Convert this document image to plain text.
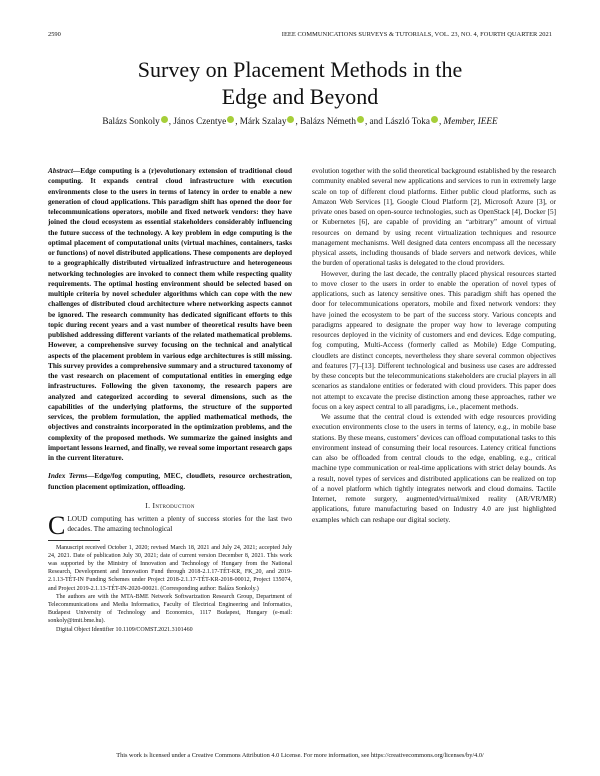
2590	IEEE COMMUNICATIONS SURVEYS & TUTORIALS, VOL. 23, NO. 4, FOURTH QUARTER 2021
Survey on Placement Methods in the
Edge and Beyond
Balázs Sonkoly , János Czentye , Márk Szalay , Balázs Németh , and László Toka , Member, IEEE
Abstract—Edge computing is a (r)evolutionary extension of traditional cloud computing. It expands central cloud infrastructure with execution environments close to the users in terms of latency in order to enable a new generation of cloud applications. This paradigm shift has opened the door for telecommunications operators, mobile and fixed network vendors: they have joined the cloud ecosystem as essential stakeholders considerably influencing the future success of the technology. A key problem in edge computing is the optimal placement of computational units (virtual machines, containers, tasks or functions) of novel distributed applications. These components are deployed to a geographically distributed virtualized infrastructure and heterogeneous networking technologies are invoked to connect them while respecting quality requirements. The optimal hosting environment should be selected based on multiple criteria by novel scheduler algorithms which can cope with the new challenges of distributed cloud architecture where networking aspects cannot be ignored. The research community has dedicated significant efforts to this topic during recent years and a vast number of theoretical results have been published addressing different variants of the related mathematical problems. However, a comprehensive survey focusing on the technical and analytical aspects of the placement problem in various edge architectures is still missing. This survey provides a comprehensive summary and a structured taxonomy of the vast research on placement of computational entities in emerging edge infrastructures. Following the given taxonomy, the research papers are analyzed and categorized according to several dimensions, such as the capabilities of the underlying platforms, the structure of the supported services, the problem formulation, the applied mathematical methods, the objectives and constraints incorporated in the optimization problems, and the complexity of the proposed methods. We summarize the gained insights and important lessons learned, and finally, we reveal some important research gaps in the current literature.
Index Terms—Edge/fog computing, MEC, cloudlets, resource orchestration, function placement optimization, offloading.
I. Introduction

CLOUD computing has written a plenty of success stories for the last two decades. The amazing technological

Manuscript received October 1, 2020; revised March 18, 2021 and July 24, 2021; accepted July 24, 2021. Date of publication July 30, 2021; date of current version December 8, 2021. This work was supported by the Ministry of Innovation and Technology of Hungary from the National Research, Development and Innovation Fund through 2018-2.1.17-TÉT-KR, FK_20, and 2019-2.1.13-TÉT-IN Funding Schemes under Project 2018-2.1.17-TÉT-KR-2018-00012, Project 135074, and Project 2019-2.1.13-TÉT-IN-2020-00021. (Corresponding author: Balázs Sonkoly.)

The authors are with the MTA-BME Network Softwarization Research Group, Department of Telecommunications and Media Informatics, Faculty of Electrical Engineering and Informatics, Budapest University of Technology and Economics, 1117 Budapest, Hungary (e-mail: sonkoly@tmit.bme.hu).

Digital Object Identifier 10.1109/COMST.2021.3101460

evolution together with the solid theoretical background established by the research community enabled several new applications and services to run in extremely large scale on top of different cloud platforms. Either public cloud platforms, such as Amazon Web Services [1], Google Cloud Platform [2], Microsoft Azure [3], or private ones based on open-source technologies, such as OpenStack [4], Docker [5] or Kubernetes [6], are capable of providing an “arbitrary” amount of virtual resources on demand by using recent virtualization techniques and resource management mechanisms. Well designed data centers encompass all the necessary physical assets, including thousands of blade servers and network devices, while the burden of operational tasks is delegated to the cloud providers.

However, during the last decade, the centrally placed physical resources started to move closer to the users in order to enable the operation of novel types of applications, such as latency sensitive ones. This paradigm shift has opened the door for telecommunications operators, mobile and fixed network vendors: they have joined the ecosystem to be part of the success story. Various concepts and paradigms appeared to designate the proper way how to leverage computing resources deployed in the vicinity of customers and end devices. Edge computing, fog computing, Multi-Access (formerly called as Mobile) Edge Computing, cloudlets are distinct concepts, nevertheless they share several common objectives and features [7]–[13]. Different technological and business use cases are addressed by these concepts but the telecommunications stakeholders are crucial players in all scenarios as standalone entities or federated with cloud providers. This paper does not attempt to excavate the precise distinction among these approaches, rather we focus on a key aspect central to all paradigms, i.e., placement methods.

We assume that the central cloud is extended with edge resources providing execution environments close to the users in terms of latency, e.g., in mobile base stations. By these means, customers’ devices can offload computational tasks to this environment instead of consuming their local resources. Latency critical functions can also be offloaded from central clouds to the edge, enabling, e.g., critical machine type communication or real-time applications with strict delay bounds. As a result, novel types of services and distributed applications can be realized on top of a novel platform which tightly integrates network and cloud domains. Tactile Internet, remote surgery, augmented/virtual/mixed reality (AR/VR/MR) applications, future manufacturing based on Industry 4.0 are just highlighted examples which can reshape our digital society.

This work is licensed under a Creative Commons Attribution 4.0 License. For more information, see https://creativecommons.org/licenses/by/4.0/
